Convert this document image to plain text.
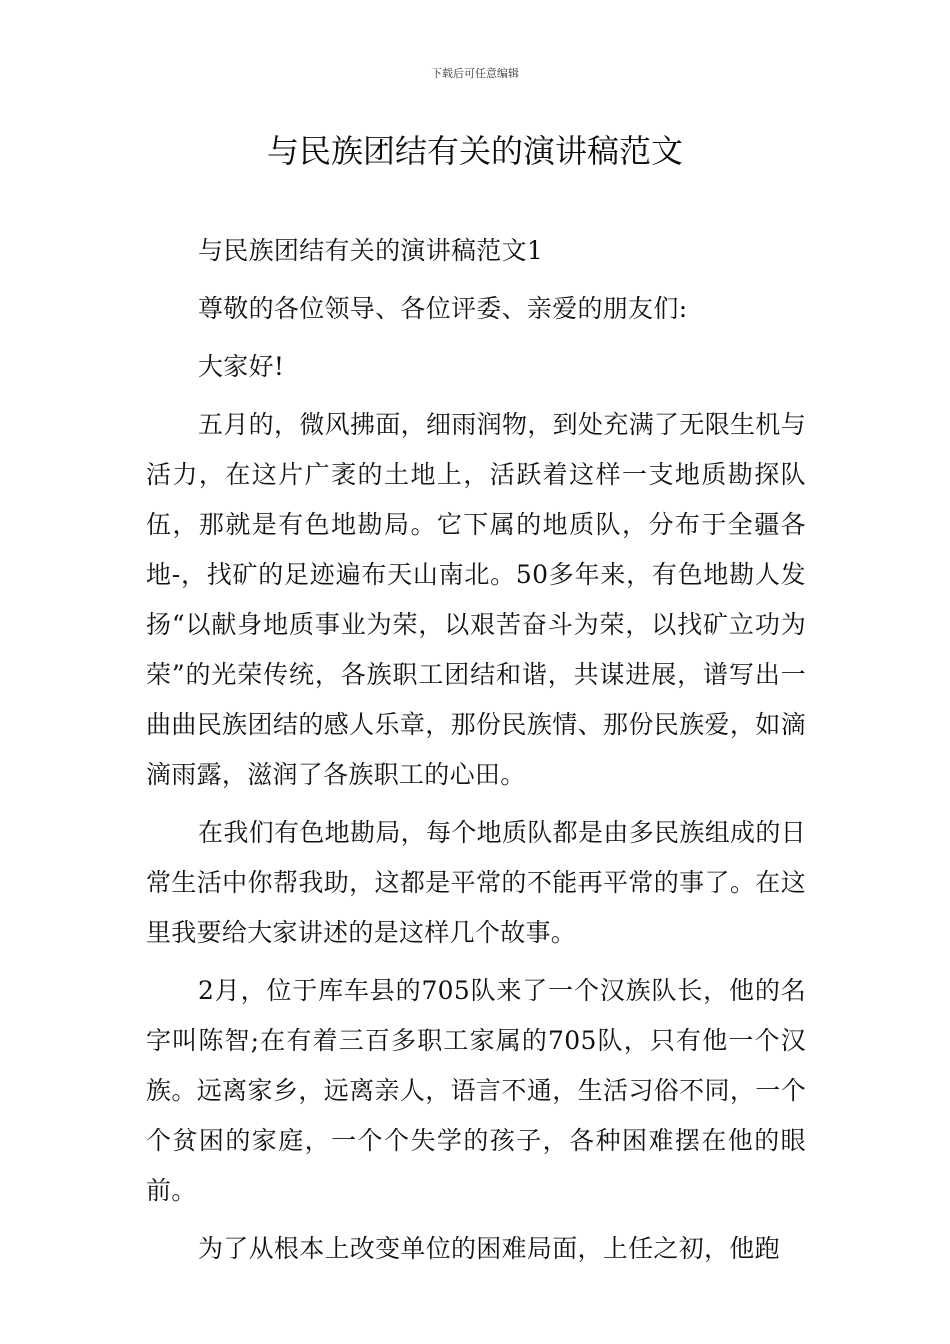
下载后可任意编辑
与民族团结有关的演讲稿范文

与民族团结有关的演讲稿范文1

尊敬的各位领导、各位评委、亲爱的朋友们:

大家好!

五月的，微风拂面，细雨润物，到处充满了无限生机与活力，在这片广袤的土地上，活跃着这样一支地质勘探队伍，那就是有色地勘局。它下属的地质队，分布于全疆各地-，找矿的足迹遍布天山南北。50多年来，有色地勘人发扬“以献身地质事业为荣，以艰苦奋斗为荣，以找矿立功为荣”的光荣传统，各族职工团结和谐，共谋进展，谱写出一曲曲民族团结的感人乐章，那份民族情、那份民族爱，如滴滴雨露，滋润了各族职工的心田。

在我们有色地勘局，每个地质队都是由多民族组成的日常生活中你帮我助，这都是平常的不能再平常的事了。在这里我要给大家讲述的是这样几个故事。

2月，位于库车县的705队来了一个汉族队长，他的名字叫陈智;在有着三百多职工家属的705队，只有他一个汉族。远离家乡，远离亲人，语言不通，生活习俗不同，一个个贫困的家庭，一个个失学的孩子，各种困难摆在他的眼前。

为了从根本上改变单位的困难局面，上任之初，他跑
